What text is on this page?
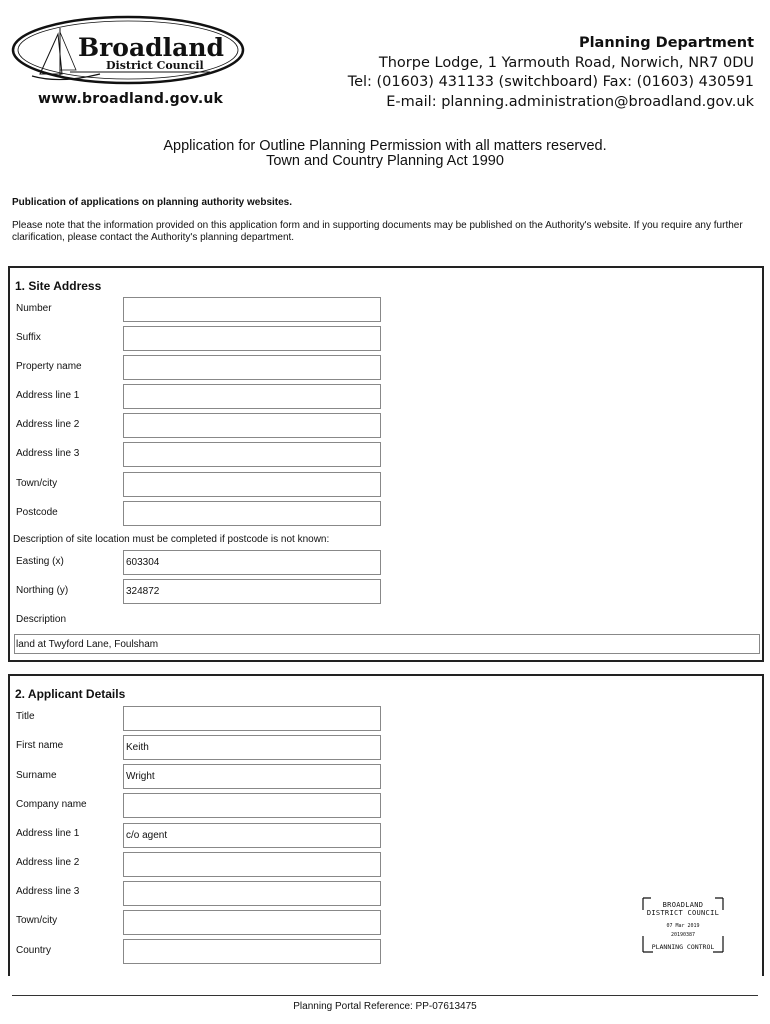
Broadland
District Council
www.broadland.gov.uk
Planning Department
Thorpe Lodge, 1 Yarmouth Road, Norwich, NR7 0DU
Tel: (01603) 431133 (switchboard) Fax: (01603) 430591
E-mail: planning.administration@broadland.gov.uk
Application for Outline Planning Permission with all matters reserved.
Town and Country Planning Act 1990
Publication of applications on planning authority websites.
Please note that the information provided on this application form and in supporting documents may be published on the Authority's website. If you require any further clarification, please contact the Authority's planning department.
1. Site Address
Number
Suffix
Property name
Address line 1
Address line 2
Address line 3
Town/city
Postcode
Description of site location must be completed if postcode is not known:
Easting (x)	603304
Northing (y)	324872
Description
land at Twyford Lane, Foulsham
2. Applicant Details
Title
First name	Keith
Surname	Wright
Company name
Address line 1	c/o agent
Address line 2
Address line 3
Town/city
Country
BROADLAND
DISTRICT COUNCIL
07 Mar 2019
20190387
PLANNING CONTROL
Planning Portal Reference: PP-07613475
